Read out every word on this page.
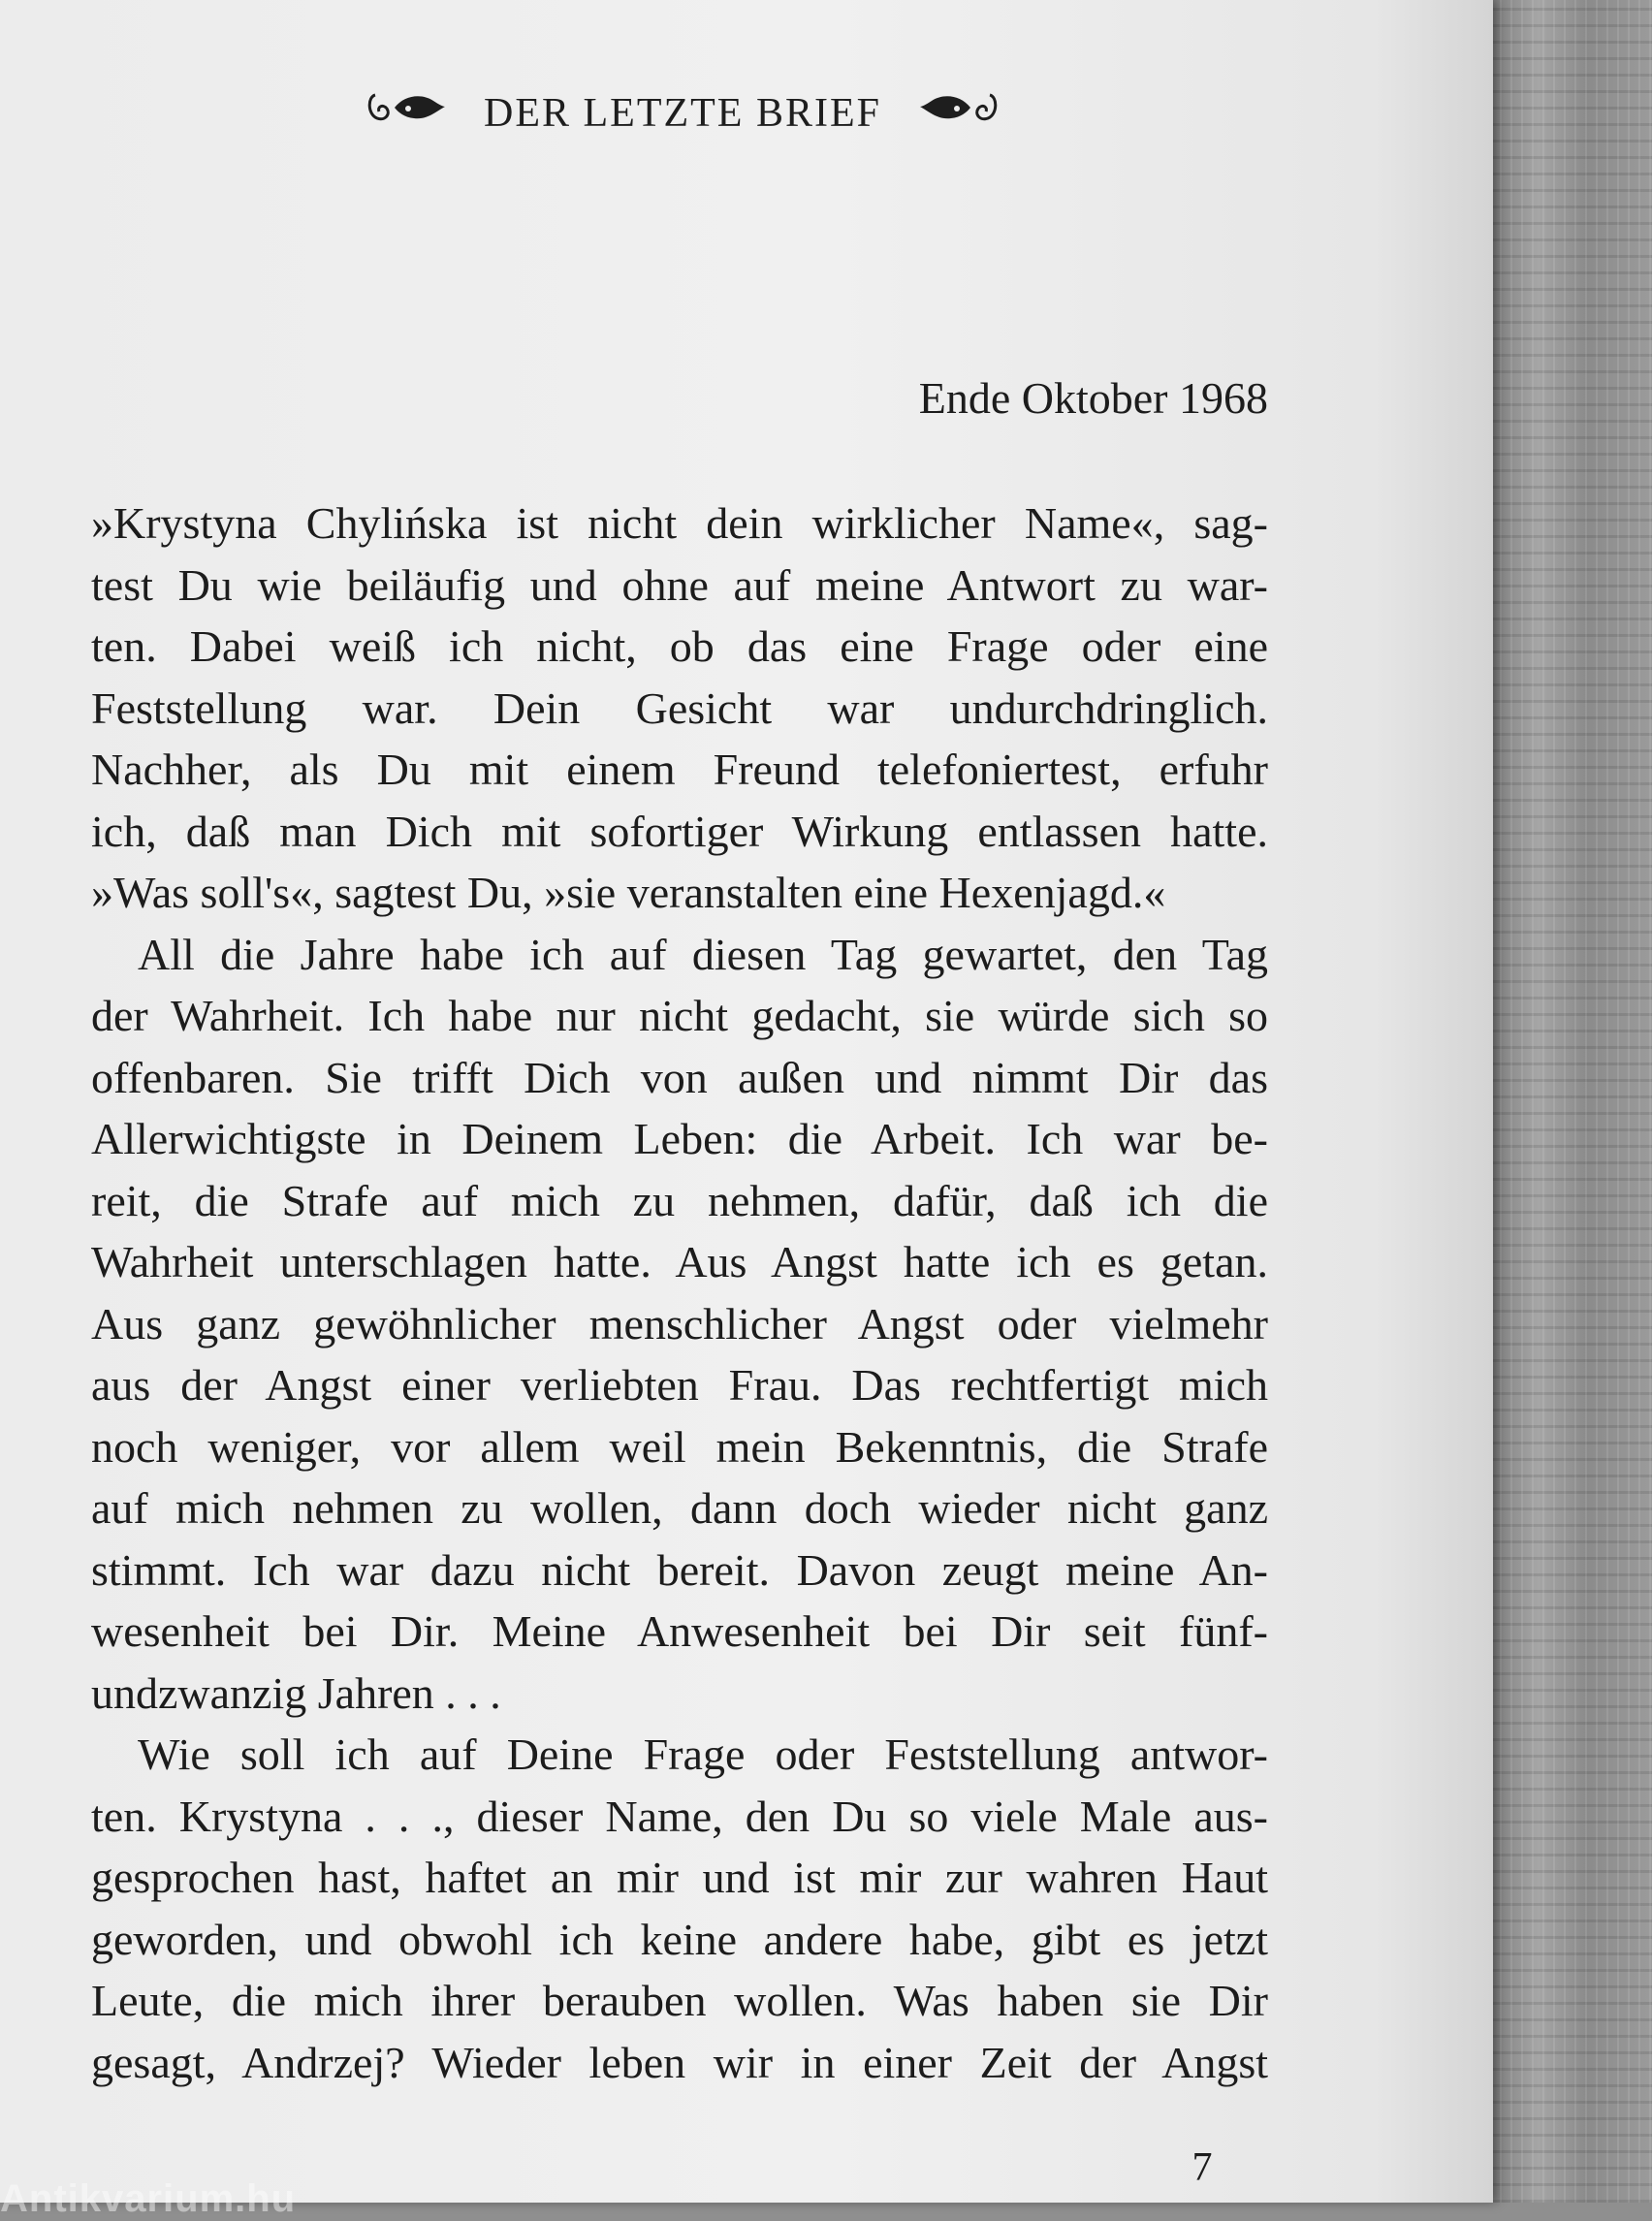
DER LETZTE BRIEF
Ende Oktober 1968
»Krystyna Chylińska ist nicht dein wirklicher Name«, sag-
test Du wie beiläufig und ohne auf meine Antwort zu war-
ten. Dabei weiß ich nicht, ob das eine Frage oder eine
Feststellung war. Dein Gesicht war undurchdringlich.
Nachher, als Du mit einem Freund telefoniertest, erfuhr
ich, daß man Dich mit sofortiger Wirkung entlassen hatte.
»Was soll's«, sagtest Du, »sie veranstalten eine Hexenjagd.«
All die Jahre habe ich auf diesen Tag gewartet, den Tag
der Wahrheit. Ich habe nur nicht gedacht, sie würde sich so
offenbaren. Sie trifft Dich von außen und nimmt Dir das
Allerwichtigste in Deinem Leben: die Arbeit. Ich war be-
reit, die Strafe auf mich zu nehmen, dafür, daß ich die
Wahrheit unterschlagen hatte. Aus Angst hatte ich es getan.
Aus ganz gewöhnlicher menschlicher Angst oder vielmehr
aus der Angst einer verliebten Frau. Das rechtfertigt mich
noch weniger, vor allem weil mein Bekenntnis, die Strafe
auf mich nehmen zu wollen, dann doch wieder nicht ganz
stimmt. Ich war dazu nicht bereit. Davon zeugt meine An-
wesenheit bei Dir. Meine Anwesenheit bei Dir seit fünf-
undzwanzig Jahren . . .
Wie soll ich auf Deine Frage oder Feststellung antwor-
ten. Krystyna . . ., dieser Name, den Du so viele Male aus-
gesprochen hast, haftet an mir und ist mir zur wahren Haut
geworden, und obwohl ich keine andere habe, gibt es jetzt
Leute, die mich ihrer berauben wollen. Was haben sie Dir
gesagt, Andrzej? Wieder leben wir in einer Zeit der Angst
7
Antikvarium.hu
